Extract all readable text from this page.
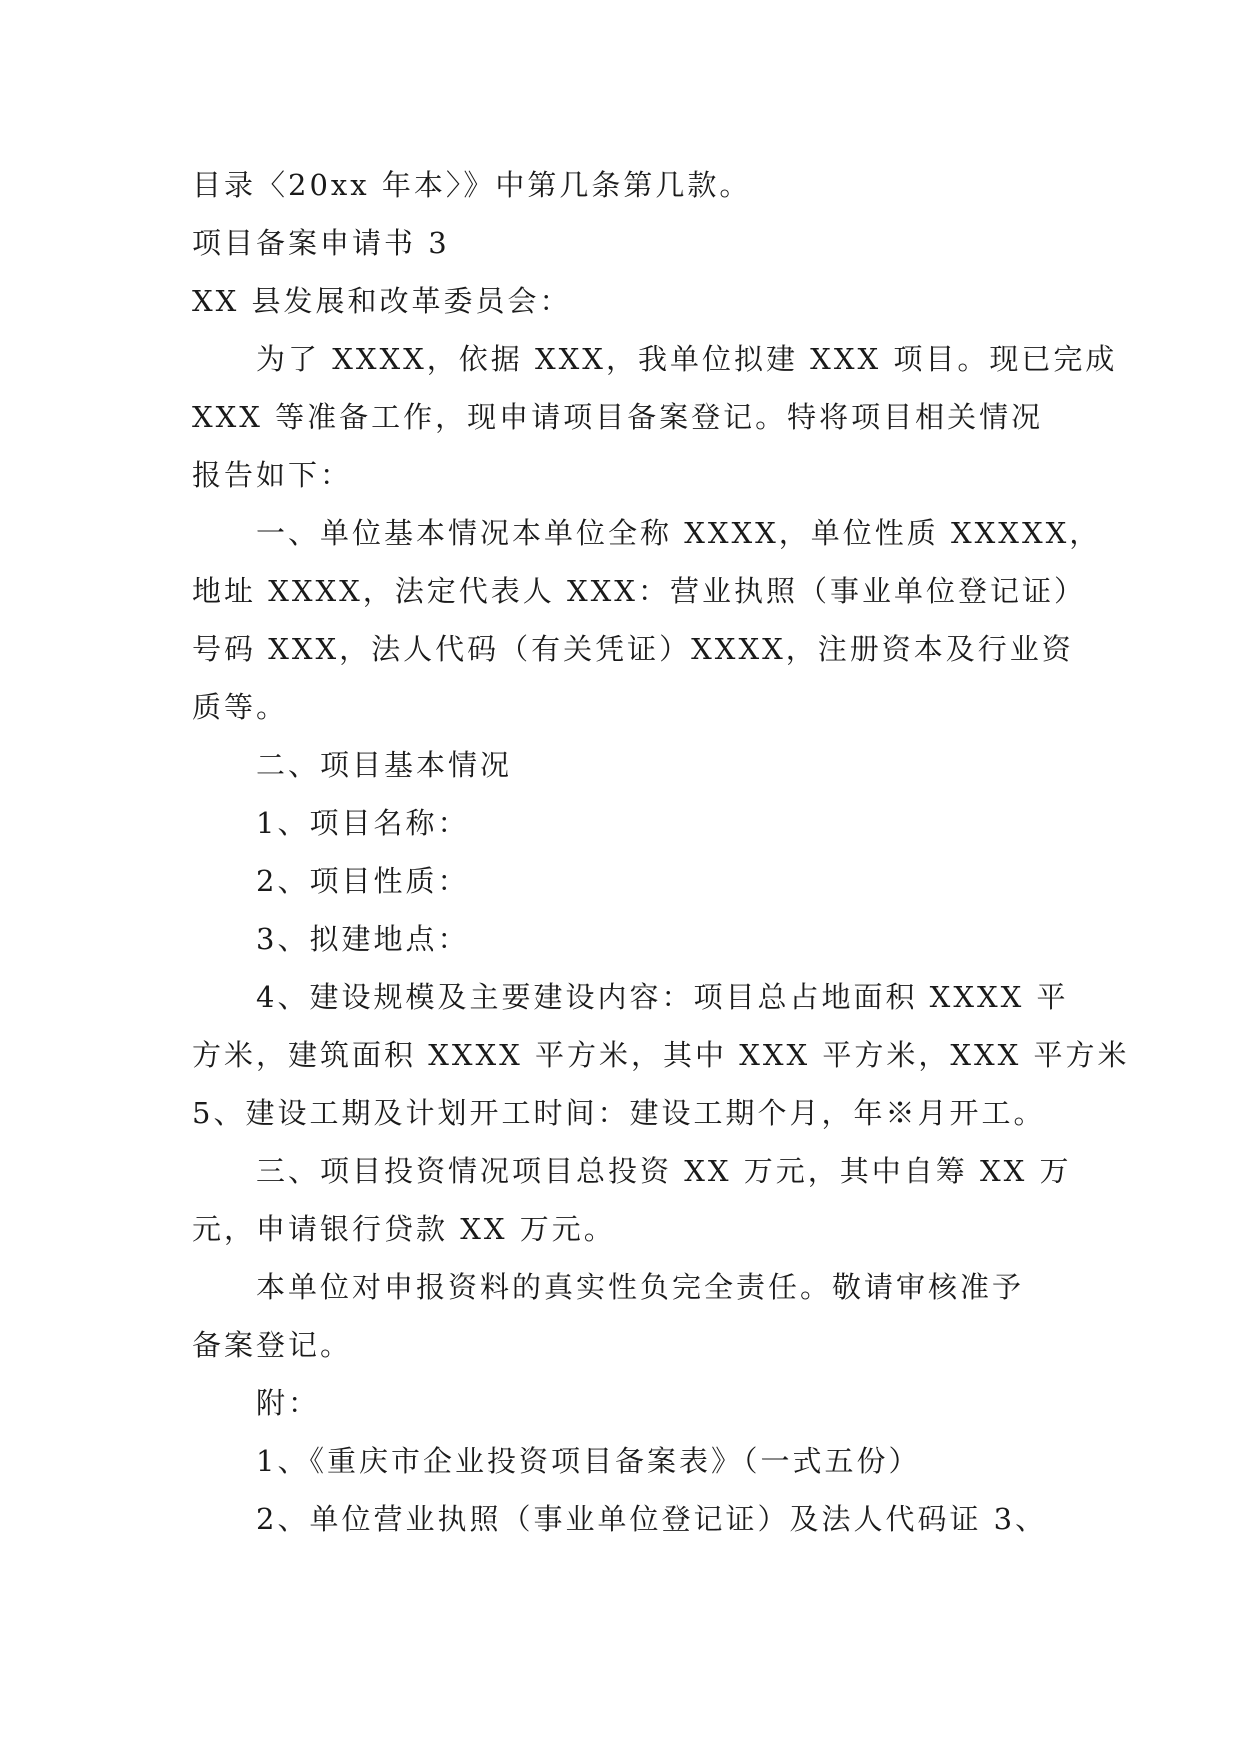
目录〈20xx 年本〉》中第几条第几款。
项目备案申请书 3
XX 县发展和改革委员会：
为了 XXXX，依据 XXX，我单位拟建 XXX 项目。现已完成
XXX 等准备工作，现申请项目备案登记。特将项目相关情况
报告如下：
一、单位基本情况本单位全称 XXXX，单位性质 XXXXX，
地址 XXXX，法定代表人 XXX：营业执照（事业单位登记证）
号码 XXX，法人代码（有关凭证）XXXX，注册资本及行业资
质等。
二、项目基本情况
1、项目名称：
2、项目性质：
3、拟建地点：
4、建设规模及主要建设内容：项目总占地面积 XXXX 平
方米，建筑面积 XXXX 平方米，其中 XXX 平方米，XXX 平方米
5、建设工期及计划开工时间：建设工期个月，年※月开工。
三、项目投资情况项目总投资 XX 万元，其中自筹 XX 万
元，申请银行贷款 XX 万元。
本单位对申报资料的真实性负完全责任。敬请审核准予
备案登记。
附：
1、《重庆市企业投资项目备案表》（一式五份）
2、单位营业执照（事业单位登记证）及法人代码证 3、
